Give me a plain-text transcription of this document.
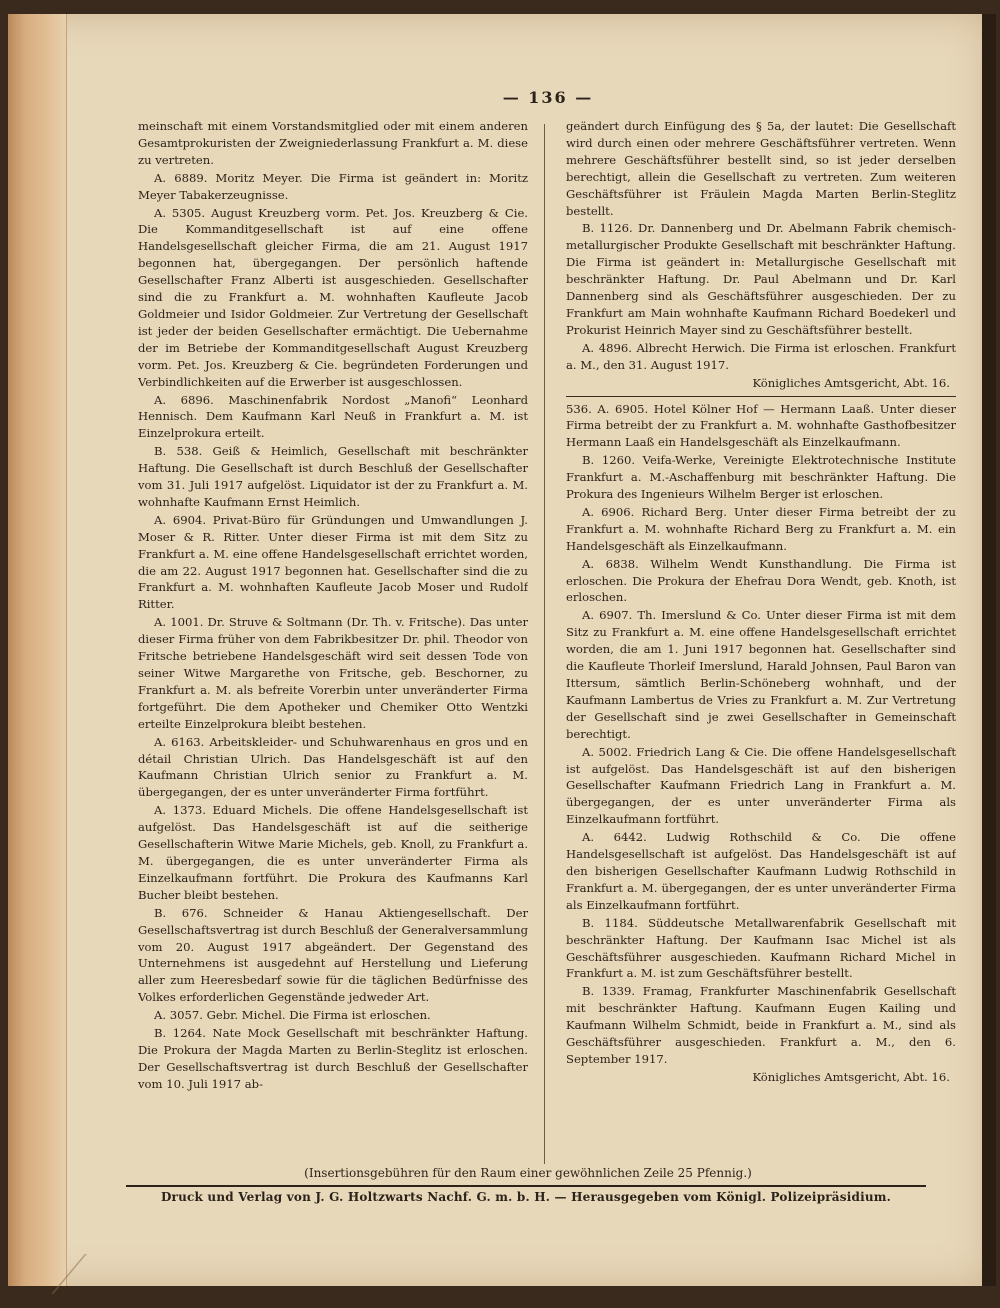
— 136 —

meinschaft mit einem Vorstandsmitglied oder mit einem anderen Gesamtprokuristen der Zweigniederlassung Frankfurt a. M. diese zu vertreten.

A. 6889. Moritz Meyer. Die Firma ist geändert in: Moritz Meyer Tabakerzeugnisse.

A. 5305. August Kreuzberg vorm. Pet. Jos. Kreuzberg & Cie. Die Kommanditgesellschaft ist auf eine offene Handelsgesellschaft gleicher Firma, die am 21. August 1917 begonnen hat, übergegangen. Der persönlich haftende Gesellschafter Franz Alberti ist ausgeschieden. Gesellschafter sind die zu Frankfurt a. M. wohnhaften Kaufleute Jacob Goldmeier und Isidor Goldmeier. Zur Vertretung der Gesellschaft ist jeder der beiden Gesellschafter ermächtigt. Die Uebernahme der im Betriebe der Kommanditgesellschaft August Kreuzberg vorm. Pet. Jos. Kreuzberg & Cie. begründeten Forderungen und Verbindlichkeiten auf die Erwerber ist ausgeschlossen.

A. 6896. Maschinenfabrik Nordost „Manofi“ Leonhard Hennisch. Dem Kaufmann Karl Neuß in Frankfurt a. M. ist Einzelprokura erteilt.

B. 538. Geiß & Heimlich, Gesellschaft mit beschränkter Haftung. Die Gesellschaft ist durch Beschluß der Gesellschafter vom 31. Juli 1917 aufgelöst. Liquidator ist der zu Frankfurt a. M. wohnhafte Kaufmann Ernst Heimlich.

A. 6904. Privat-Büro für Gründungen und Umwandlungen J. Moser & R. Ritter. Unter dieser Firma ist mit dem Sitz zu Frankfurt a. M. eine offene Handelsgesellschaft errichtet worden, die am 22. August 1917 begonnen hat. Gesellschafter sind die zu Frankfurt a. M. wohnhaften Kaufleute Jacob Moser und Rudolf Ritter.

A. 1001. Dr. Struve & Soltmann (Dr. Th. v. Fritsche). Das unter dieser Firma früher von dem Fabrikbesitzer Dr. phil. Theodor von Fritsche betriebene Handelsgeschäft wird seit dessen Tode von seiner Witwe Margarethe von Fritsche, geb. Beschorner, zu Frankfurt a. M. als befreite Vorerbin unter unveränderter Firma fortgeführt. Die dem Apotheker und Chemiker Otto Wentzki erteilte Einzelprokura bleibt bestehen.

A. 6163. Arbeitskleider- und Schuhwarenhaus en gros und en détail Christian Ulrich. Das Handelsgeschäft ist auf den Kaufmann Christian Ulrich senior zu Frankfurt a. M. übergegangen, der es unter unveränderter Firma fortführt.

A. 1373. Eduard Michels. Die offene Handelsgesellschaft ist aufgelöst. Das Handelsgeschäft ist auf die seitherige Gesellschafterin Witwe Marie Michels, geb. Knoll, zu Frankfurt a. M. übergegangen, die es unter unveränderter Firma als Einzelkaufmann fortführt. Die Prokura des Kaufmanns Karl Bucher bleibt bestehen.

B. 676. Schneider & Hanau Aktiengesellschaft. Der Gesellschaftsvertrag ist durch Beschluß der Generalversammlung vom 20. August 1917 abgeändert. Der Gegenstand des Unternehmens ist ausgedehnt auf Herstellung und Lieferung aller zum Heeresbedarf sowie für die täglichen Bedürfnisse des Volkes erforderlichen Gegenstände jedweder Art.

A. 3057. Gebr. Michel. Die Firma ist erloschen.

B. 1264. Nate Mock Gesellschaft mit beschränkter Haftung. Die Prokura der Magda Marten zu Berlin-Steglitz ist erloschen. Der Gesellschaftsvertrag ist durch Beschluß der Gesellschafter vom 10. Juli 1917 ab-

geändert durch Einfügung des § 5a, der lautet: Die Gesellschaft wird durch einen oder mehrere Geschäftsführer vertreten. Wenn mehrere Geschäftsführer bestellt sind, so ist jeder derselben berechtigt, allein die Gesellschaft zu vertreten. Zum weiteren Geschäftsführer ist Fräulein Magda Marten Berlin-Steglitz bestellt.

B. 1126. Dr. Dannenberg und Dr. Abelmann Fabrik chemisch-metallurgischer Produkte Gesellschaft mit beschränkter Haftung. Die Firma ist geändert in: Metallurgische Gesellschaft mit beschränkter Haftung. Dr. Paul Abelmann und Dr. Karl Dannenberg sind als Geschäftsführer ausgeschieden. Der zu Frankfurt am Main wohnhafte Kaufmann Richard Boedekerl und Prokurist Heinrich Mayer sind zu Geschäftsführer bestellt.

A. 4896. Albrecht Herwich. Die Firma ist erloschen. Frankfurt a. M., den 31. August 1917.

Königliches Amtsgericht, Abt. 16.

536. A. 6905. Hotel Kölner Hof — Hermann Laaß. Unter dieser Firma betreibt der zu Frankfurt a. M. wohnhafte Gasthofbesitzer Hermann Laaß ein Handelsgeschäft als Einzelkaufmann.

B. 1260. Veifa-Werke, Vereinigte Elektrotechnische Institute Frankfurt a. M.-Aschaffenburg mit beschränkter Haftung. Die Prokura des Ingenieurs Wilhelm Berger ist erloschen.

A. 6906. Richard Berg. Unter dieser Firma betreibt der zu Frankfurt a. M. wohnhafte Richard Berg zu Frankfurt a. M. ein Handelsgeschäft als Einzelkaufmann.

A. 6838. Wilhelm Wendt Kunsthandlung. Die Firma ist erloschen. Die Prokura der Ehefrau Dora Wendt, geb. Knoth, ist erloschen.

A. 6907. Th. Imerslund & Co. Unter dieser Firma ist mit dem Sitz zu Frankfurt a. M. eine offene Handelsgesellschaft errichtet worden, die am 1. Juni 1917 begonnen hat. Gesellschafter sind die Kaufleute Thorleif Imerslund, Harald Johnsen, Paul Baron van Ittersum, sämtlich Berlin-Schöneberg wohnhaft, und der Kaufmann Lambertus de Vries zu Frankfurt a. M. Zur Vertretung der Gesellschaft sind je zwei Gesellschafter in Gemeinschaft berechtigt.

A. 5002. Friedrich Lang & Cie. Die offene Handelsgesellschaft ist aufgelöst. Das Handelsgeschäft ist auf den bisherigen Gesellschafter Kaufmann Friedrich Lang in Frankfurt a. M. übergegangen, der es unter unveränderter Firma als Einzelkaufmann fortführt.

A. 6442. Ludwig Rothschild & Co. Die offene Handelsgesellschaft ist aufgelöst. Das Handelsgeschäft ist auf den bisherigen Gesellschafter Kaufmann Ludwig Rothschild in Frankfurt a. M. übergegangen, der es unter unveränderter Firma als Einzelkaufmann fortführt.

B. 1184. Süddeutsche Metallwarenfabrik Gesellschaft mit beschränkter Haftung. Der Kaufmann Isac Michel ist als Geschäftsführer ausgeschieden. Kaufmann Richard Michel in Frankfurt a. M. ist zum Geschäftsführer bestellt.

B. 1339. Framag, Frankfurter Maschinenfabrik Gesellschaft mit beschränkter Haftung. Kaufmann Eugen Kailing und Kaufmann Wilhelm Schmidt, beide in Frankfurt a. M., sind als Geschäftsführer ausgeschieden. Frankfurt a. M., den 6. September 1917.

Königliches Amtsgericht, Abt. 16.

(Insertionsgebühren für den Raum einer gewöhnlichen Zeile 25 Pfennig.)
Druck und Verlag von J. G. Holtzwarts Nachf. G. m. b. H. — Herausgegeben vom Königl. Polizeipräsidium.
